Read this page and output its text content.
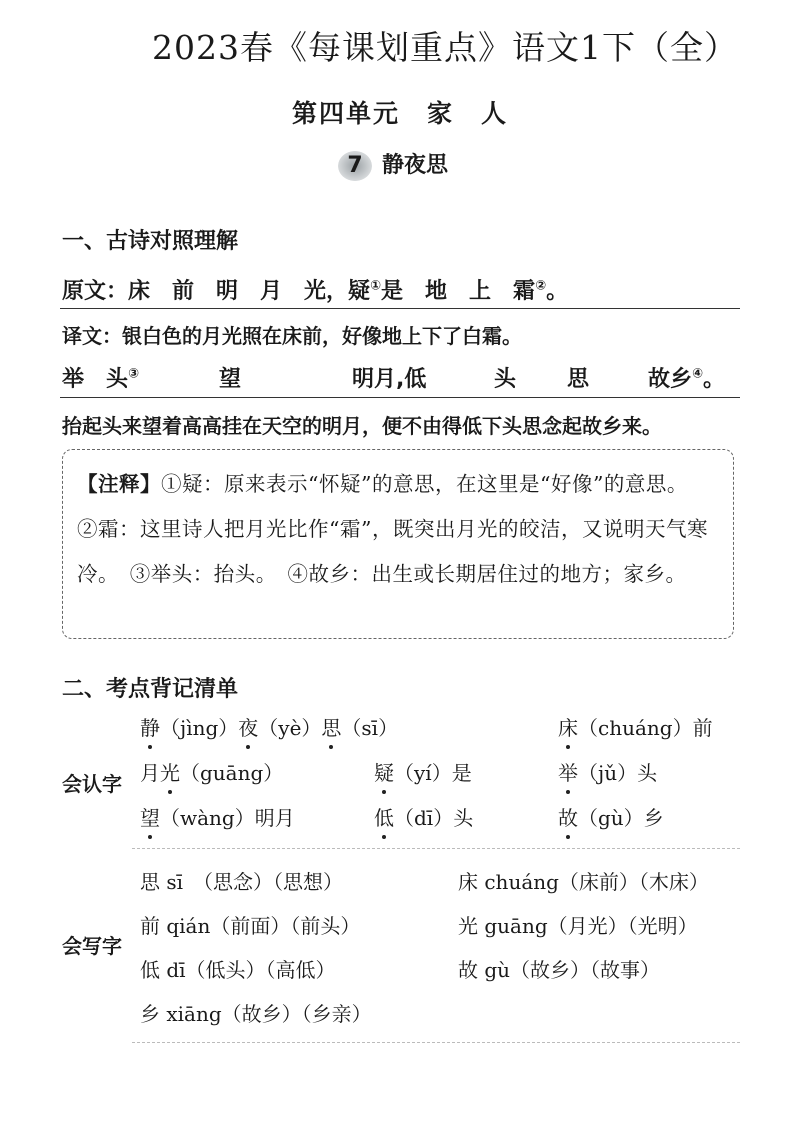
2023春《每课划重点》语文1下（全）
第四单元　家　人
7 静夜思
一、古诗对照理解
原文：床　前　明　月　光，疑①是　地　上　霜②。
译文：银白色的月光照在床前，好像地上下了白霜。
举　头③	　望	明月,低	头 思	故乡④。
抬起头来望着高高挂在天空的明月，便不由得低下头思念起故乡来。
【注释】①疑：原来表示“怀疑”的意思，在这里是“好像”的意思。　②霜：这里诗人把月光比作“霜”，既突出月光的皎洁，又说明天气寒冷。　③举头：抬头。　④故乡：出生或长期居住过的地方；家乡。
二、考点背记清单
会认字
静（jìng）夜（yè）思（sī）	床（chuáng）前
月光（guāng）	疑（yí）是	举（jǔ）头
望（wàng）明月	低（dī）头	故（gù）乡
会写字
思 sī　（思念）（思想）	床 chuáng（床前）（木床）
前 qián（前面）（前头）	光 guāng（月光）（光明）
低 dī（低头）（高低）	故 gù（故乡）（故事）
乡 xiāng（故乡）（乡亲）
